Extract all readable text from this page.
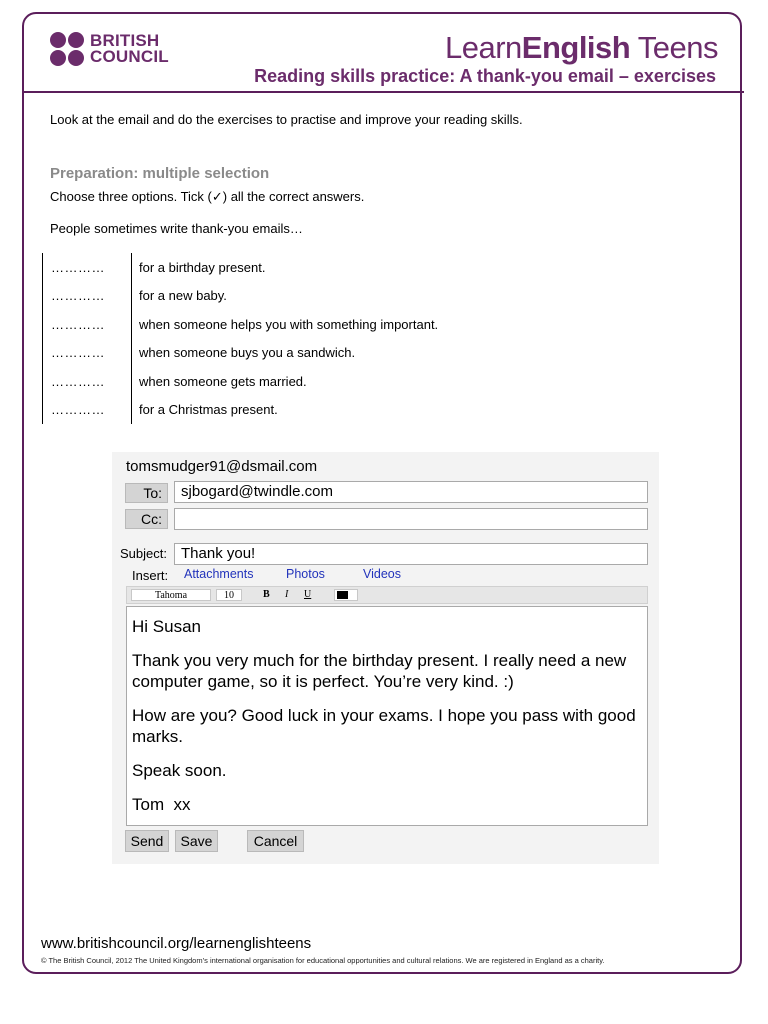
BRITISH
COUNCIL	LearnEnglish Teens
Reading skills practice: A thank-you email – exercises
Look at the email and do the exercises to practise and improve your reading skills.
Preparation: multiple selection
Choose three options. Tick (✓) all the correct answers.
People sometimes write thank-you emails…
…………	for a birthday present.
…………	for a new baby.
…………	when someone helps you with something important.
…………	when someone buys you a sandwich.
…………	when someone gets married.
…………	for a Christmas present.
tomsmudger91@dsmail.com
To:	sjbogard@twindle.com
Cc:
Subject: Thank you!
Insert: Attachments	Photos	Videos
Tahoma	10	B I U

Hi Susan

Thank you very much for the birthday present. I really need a new computer game, so it is perfect. You’re very kind. :)

How are you? Good luck in your exams. I hope you pass with good marks.

Speak soon.

Tom  xx

Send	Save	Cancel
www.britishcouncil.org/learnenglishteens
© The British Council, 2012 The United Kingdom’s international organisation for educational opportunities and cultural relations. We are registered in England as a charity.
